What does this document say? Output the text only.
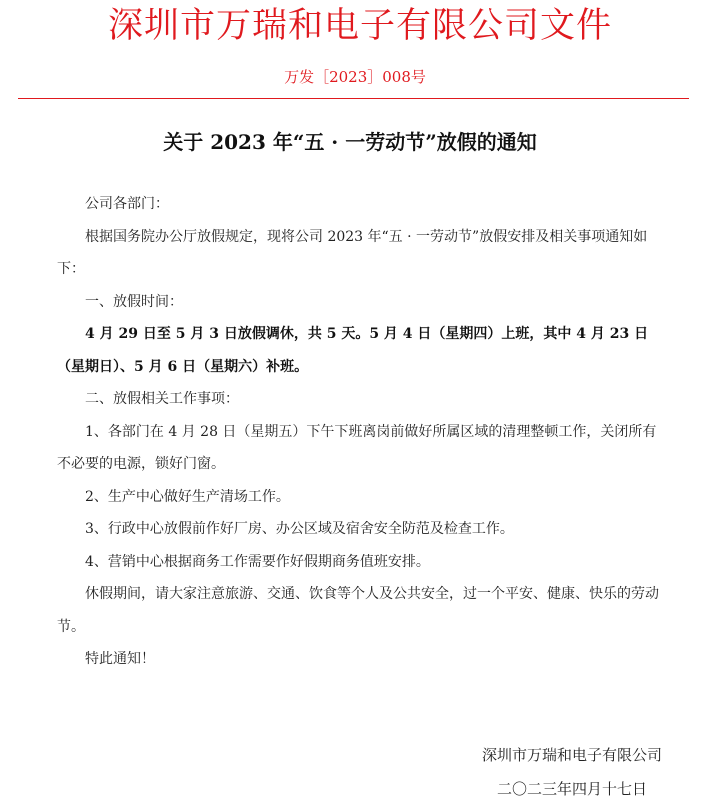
深圳市万瑞和电子有限公司文件
万发［2023］008号
关于 2023 年“五 · 一劳动节”放假的通知

公司各部门：

根据国务院办公厅放假规定，现将公司 2023 年“五 · 一劳动节”放假安排及相关事项通知如下：

一、放假时间：

4 月 29 日至 5 月 3 日放假调休，共 5 天。5 月 4 日（星期四）上班，其中 4 月 23 日（星期日）、5 月 6 日（星期六）补班。

二、放假相关工作事项：

1、各部门在 4 月 28 日（星期五）下午下班离岗前做好所属区域的清理整顿工作，关闭所有不必要的电源，锁好门窗。

2、生产中心做好生产清场工作。

3、行政中心放假前作好厂房、办公区域及宿舍安全防范及检查工作。

4、营销中心根据商务工作需要作好假期商务值班安排。

休假期间，请大家注意旅游、交通、饮食等个人及公共安全，过一个平安、健康、快乐的劳动节。

特此通知！

深圳市万瑞和电子有限公司
二〇二三年四月十七日
